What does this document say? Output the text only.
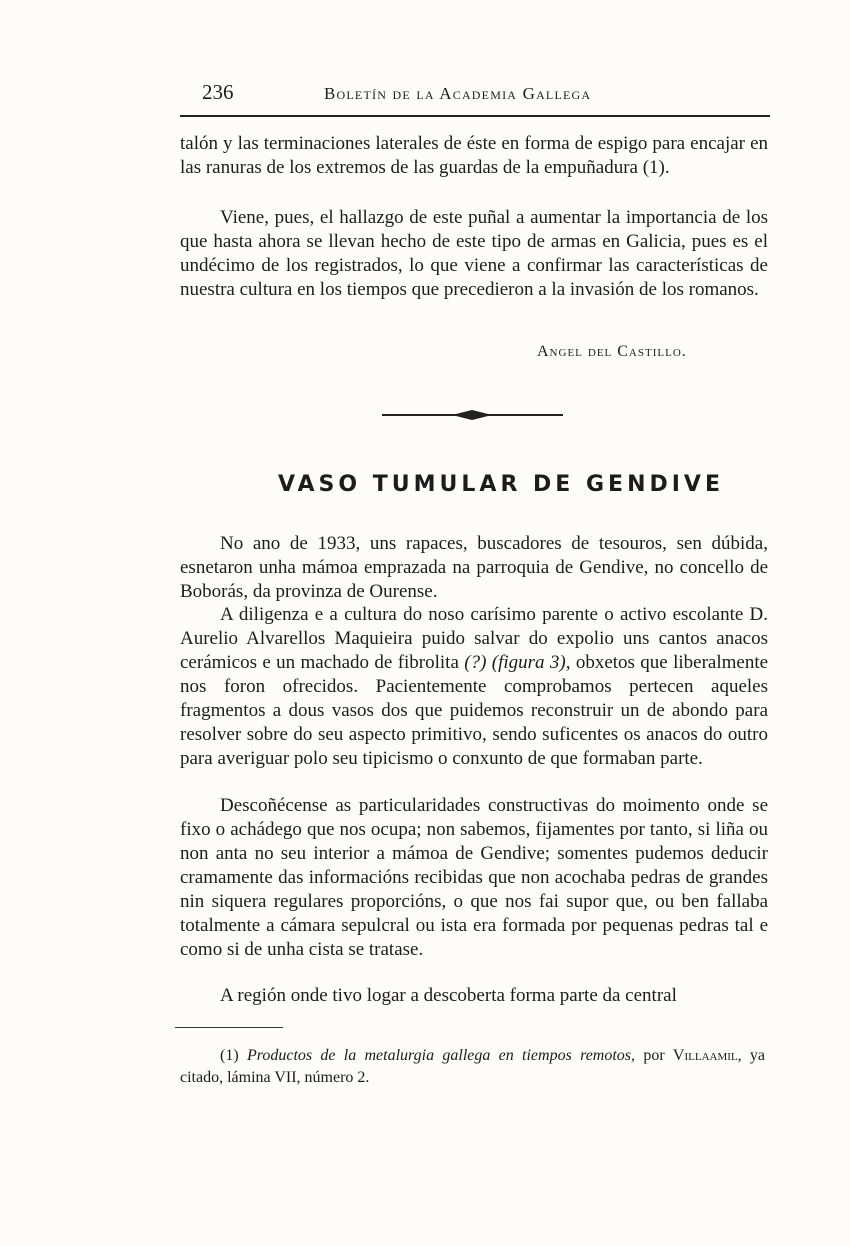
236	Boletín de la Academia Gallega

talón y las terminaciones laterales de éste en forma de espigo para encajar en las ranuras de los extremos de las guardas de la empuñadura (1).

Viene, pues, el hallazgo de este puñal a aumentar la importancia de los que hasta ahora se llevan hecho de este tipo de armas en Galicia, pues es el undécimo de los registrados, lo que viene a confirmar las características de nuestra cultura en los tiempos que precedieron a la invasión de los romanos.

Angel del Castillo.
VASO TUMULAR DE GENDIVE

No ano de 1933, uns rapaces, buscadores de tesouros, sen dúbida, esnetaron unha mámoa emprazada na parroquia de Gendive, no concello de Boborás, da provinza de Ourense.

A diligenza e a cultura do noso carísimo parente o activo escolante D. Aurelio Alvarellos Maquieira puido salvar do expolio uns cantos anacos cerámicos e un machado de fibrolita (?) (figura 3), obxetos que liberalmente nos foron ofrecidos. Pacientemente comprobamos pertecen aqueles fragmentos a dous vasos dos que puidemos reconstruir un de abondo para resolver sobre do seu aspecto primitivo, sendo suficentes os anacos do outro para averiguar polo seu tipicismo o conxunto de que formaban parte.

Descoñécense as particularidades constructivas do moimento onde se fixo o achádego que nos ocupa; non sabemos, fijamentes por tanto, si liña ou non anta no seu interior a mámoa de Gendive; somentes pudemos deducir cramamente das informacións recibidas que non acochaba pedras de grandes nin siquera regulares proporcións, o que nos fai supor que, ou ben fallaba totalmente a cámara sepulcral ou ista era formada por pequenas pedras tal e como si de unha cista se tratase.

A región onde tivo logar a descoberta forma parte da central

(1) Productos de la metalurgia gallega en tiempos remotos, por Villaamil, ya citado, lámina VII, número 2.
